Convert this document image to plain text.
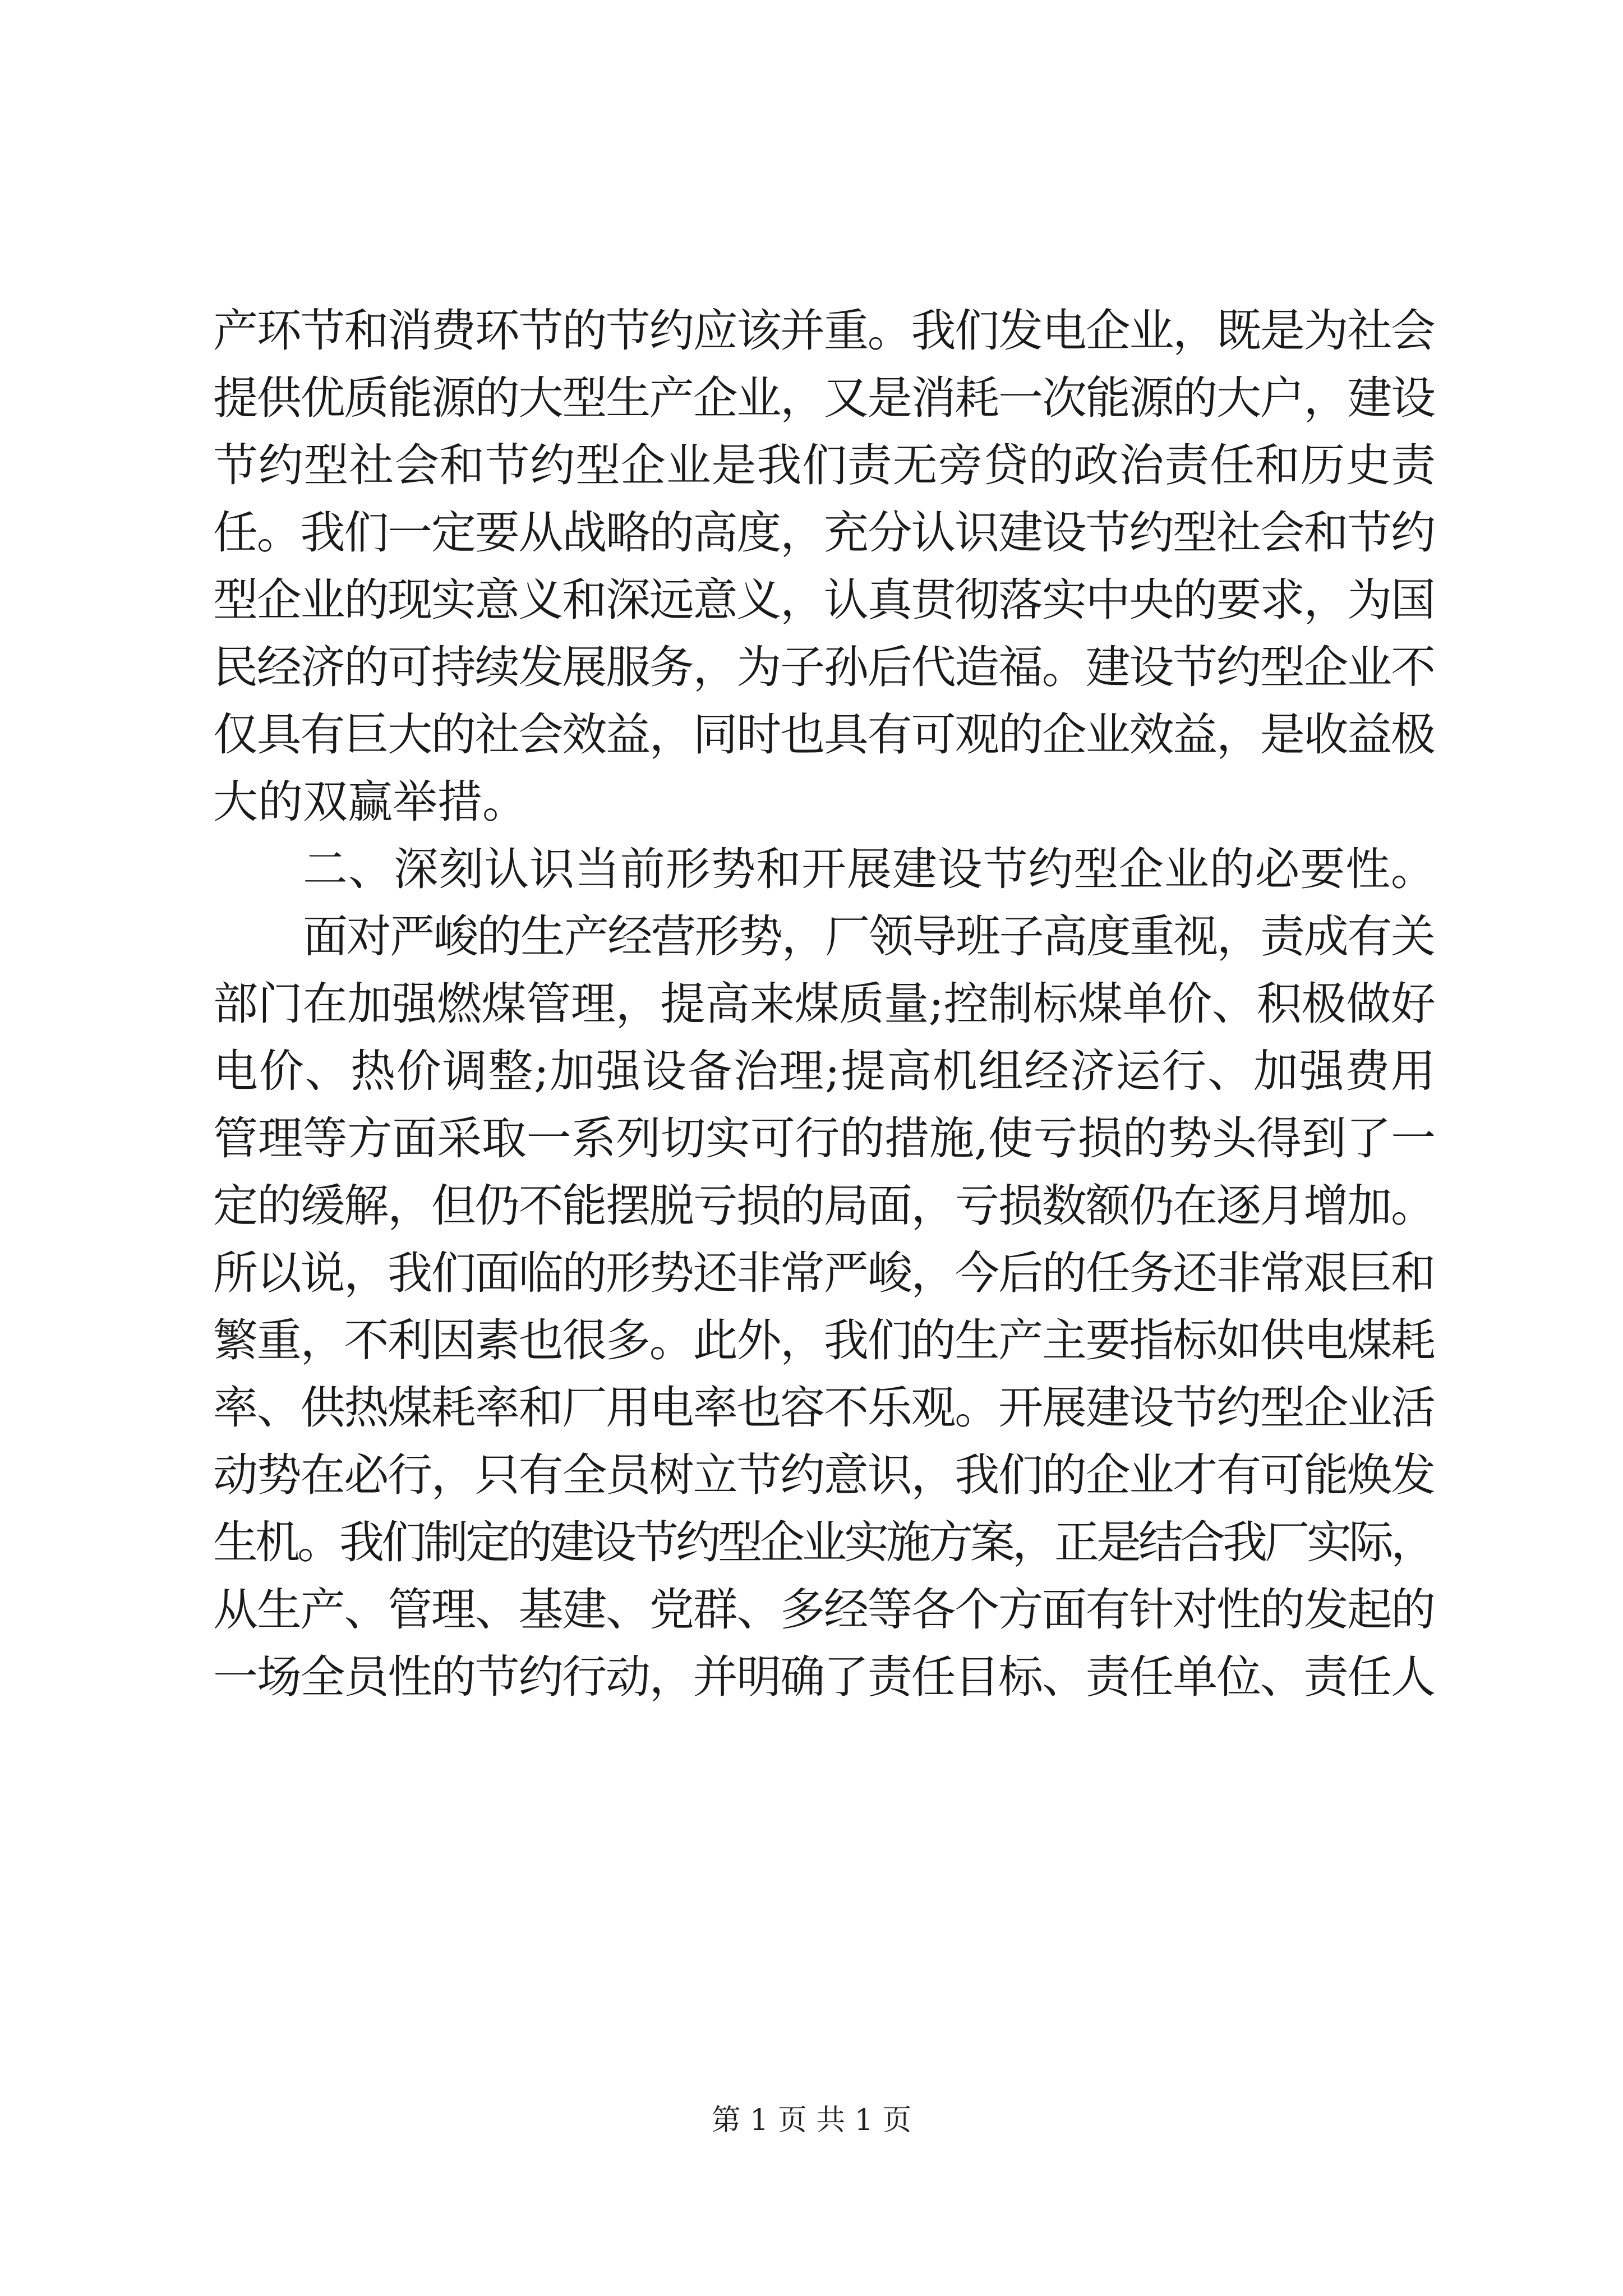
产环节和消费环节的节约应该并重。我们发电企业，既是为社会
提供优质能源的大型生产企业，又是消耗一次能源的大户，建设
节约型社会和节约型企业是我们责无旁贷的政治责任和历史责
任。我们一定要从战略的高度，充分认识建设节约型社会和节约
型企业的现实意义和深远意义，认真贯彻落实中央的要求，为国
民经济的可持续发展服务，为子孙后代造福。建设节约型企业不
仅具有巨大的社会效益，同时也具有可观的企业效益，是收益极
大的双赢举措。
二、深刻认识当前形势和开展建设节约型企业的必要性。
面对严峻的生产经营形势，厂领导班子高度重视，责成有关
部门在加强燃煤管理，提高来煤质量;控制标煤单价、积极做好
电价、热价调整;加强设备治理;提高机组经济运行、加强费用
管理等方面采取一系列切实可行的措施,使亏损的势头得到了一
定的缓解，但仍不能摆脱亏损的局面，亏损数额仍在逐月增加。
所以说，我们面临的形势还非常严峻，今后的任务还非常艰巨和
繁重，不利因素也很多。此外，我们的生产主要指标如供电煤耗
率、供热煤耗率和厂用电率也容不乐观。开展建设节约型企业活
动势在必行，只有全员树立节约意识，我们的企业才有可能焕发
生机。我们制定的建设节约型企业实施方案，正是结合我厂实际，
从生产、管理、基建、党群、多经等各个方面有针对性的发起的
一场全员性的节约行动，并明确了责任目标、责任单位、责任人
第 1 页 共 1 页
